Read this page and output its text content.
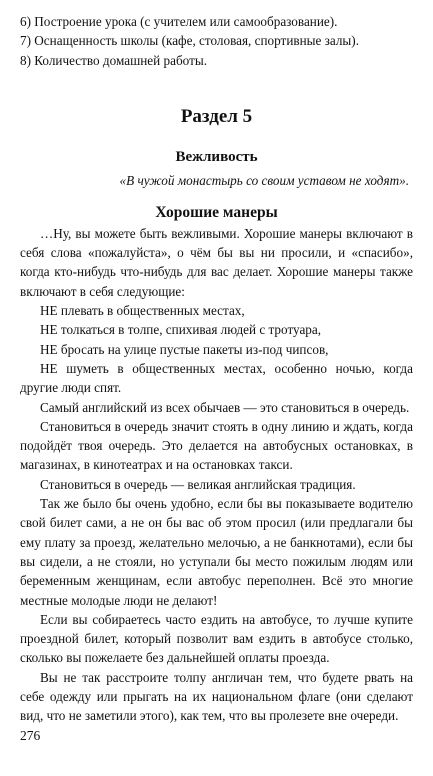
6) Построение урока (с учителем или самообразование).

7) Оснащенность школы (кафе, столовая, спортивные залы).

8) Количество домашней работы.

Раздел 5
Вежливость

«В чужой монастырь со своим уставом не ходят».

Хорошие манеры

…Ну, вы можете быть вежливыми. Хорошие манеры включают в себя слова «пожалуйста», о чём бы вы ни просили, и «спасибо», когда кто-нибудь что-нибудь для вас делает. Хорошие манеры также включают в себя следующие:

НЕ плевать в общественных местах,

НЕ толкаться в толпе, спихивая людей с тротуара,

НЕ бросать на улице пустые пакеты из-под чипсов,

НЕ шуметь в общественных местах, особенно ночью, когда другие люди спят.

Самый английский из всех обычаев — это становиться в очередь.

Становиться в очередь значит стоять в одну линию и ждать, когда подойдёт твоя очередь. Это делается на автобусных остановках, в магазинах, в кинотеатрах и на остановках такси.

Становиться в очередь — великая английская традиция.

Так же было бы очень удобно, если бы вы показываете водителю свой билет сами, а не он бы вас об этом просил (или предлагали бы ему плату за проезд, желательно мелочью, а не банкнотами), если бы вы сидели, а не стояли, но уступали бы место пожилым людям или беременным женщинам, если автобус переполнен. Всё это многие местные молодые люди не делают!

Если вы собираетесь часто ездить на автобусе, то лучше купите проездной билет, который позволит вам ездить в автобусе столько, сколько вы пожелаете без дальнейшей оплаты проезда.

Вы не так расстроите толпу англичан тем, что будете рвать на себе одежду или прыгать на их национальном флаге (они сделают вид, что не заметили этого), как тем, что вы пролезете вне очереди.

276
